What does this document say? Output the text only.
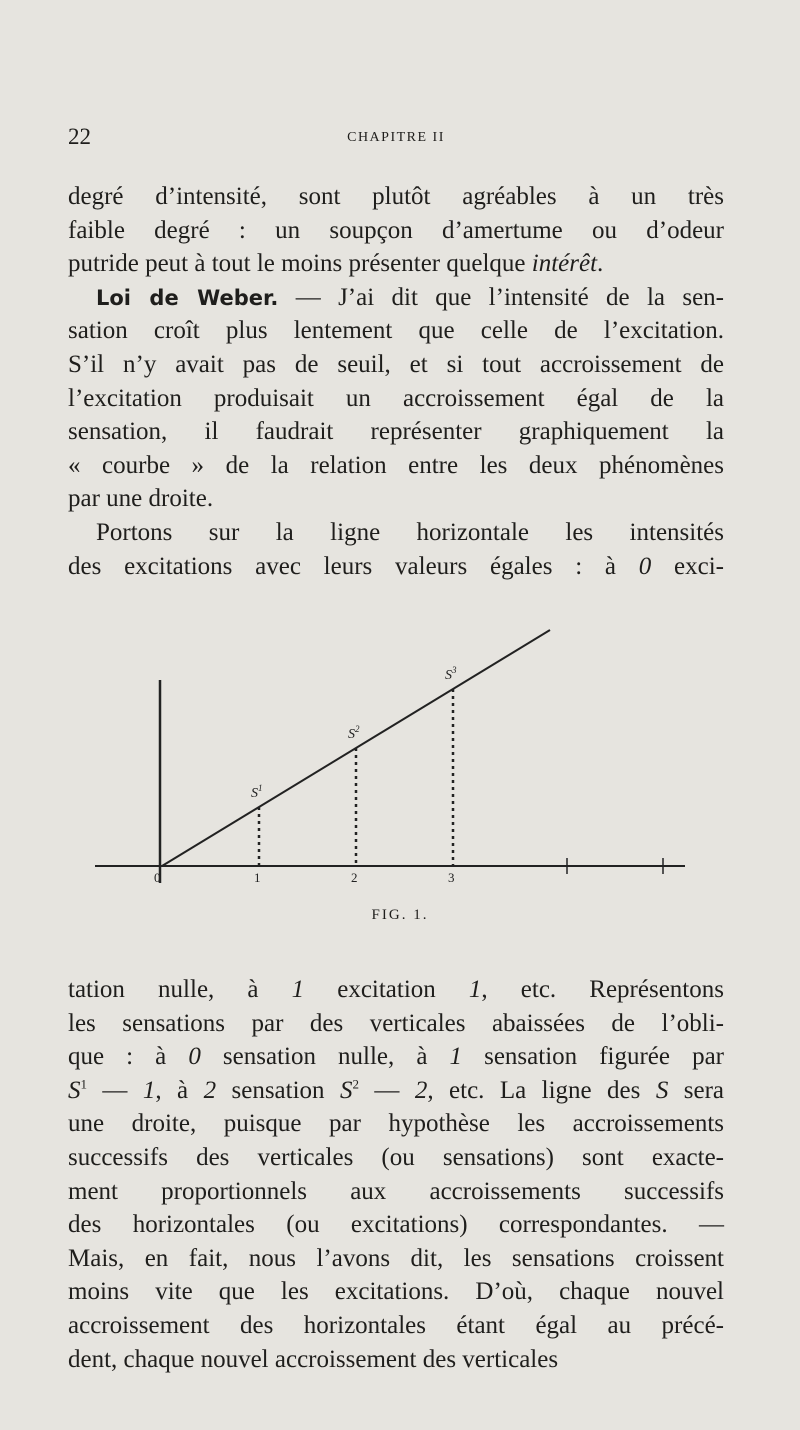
22	CHAPITRE II
degré d’intensité, sont plutôt agréables à un très
faible degré : un soupçon d’amertume ou d’odeur
putride peut à tout le moins présenter quelque intérêt.
Loi de Weber. — J’ai dit que l’intensité de la sen-
sation croît plus lentement que celle de l’excitation.
S’il n’y avait pas de seuil, et si tout accroissement de
l’excitation produisait un accroissement égal de la
sensation, il faudrait représenter graphiquement la
« courbe » de la relation entre les deux phénomènes
par une droite.
Portons sur la ligne horizontale les intensités
des excitations avec leurs valeurs égales : à 0 exci-
0	1	2	3
$S^1$
$S^2$
$S^3$
FIG. 1.
tation nulle, à 1 excitation 1, etc. Représentons
les sensations par des verticales abaissées de l’obli-
que : à 0 sensation nulle, à 1 sensation figurée par
$S^1$ — 1, à 2 sensation $S^2$ — 2, etc. La ligne des S sera
une droite, puisque par hypothèse les accroissements
successifs des verticales (ou sensations) sont exacte-
ment proportionnels aux accroissements successifs
des horizontales (ou excitations) correspondantes. —
Mais, en fait, nous l’avons dit, les sensations croissent
moins vite que les excitations. D’où, chaque nouvel
accroissement des horizontales étant égal au précé-
dent, chaque nouvel accroissement des verticales
